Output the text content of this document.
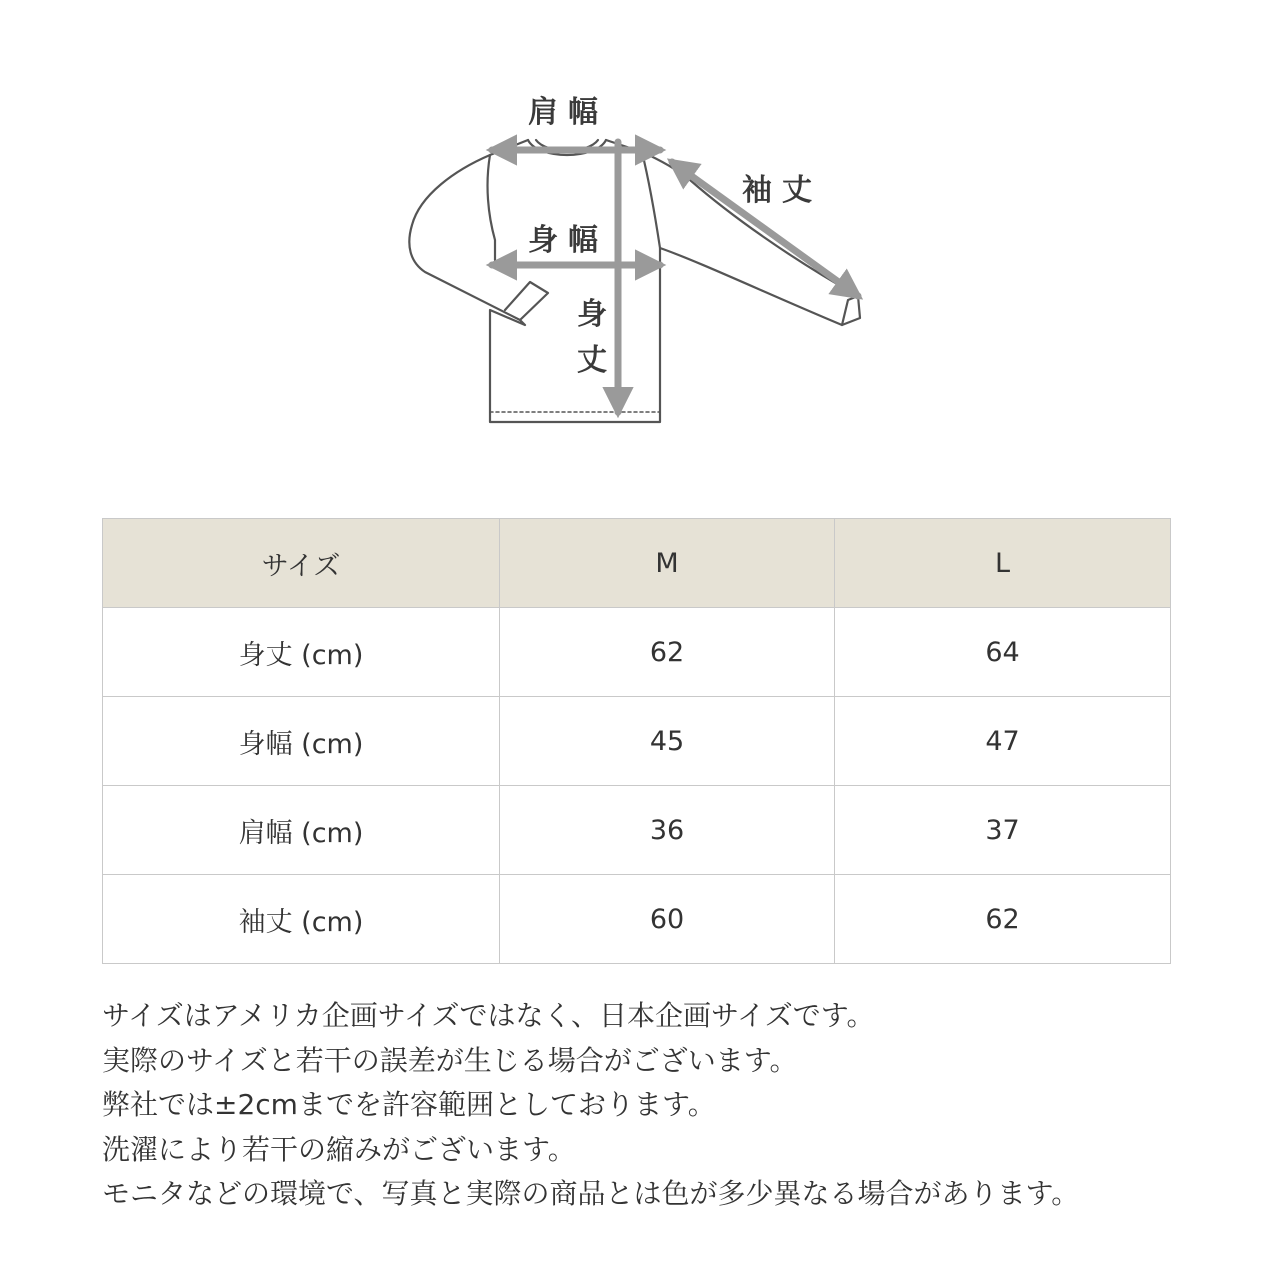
肩幅
袖丈
身幅
身
丈
サイズ	M	L
身丈 (cm)	62	64
身幅 (cm)	45	47
肩幅 (cm)	36	37
袖丈 (cm)	60	62
サイズはアメリカ企画サイズではなく、日本企画サイズです。
実際のサイズと若干の誤差が生じる場合がございます。
弊社では±2cmまでを許容範囲としております。
洗濯により若干の縮みがございます。
モニタなどの環境で、写真と実際の商品とは色が多少異なる場合があります。
